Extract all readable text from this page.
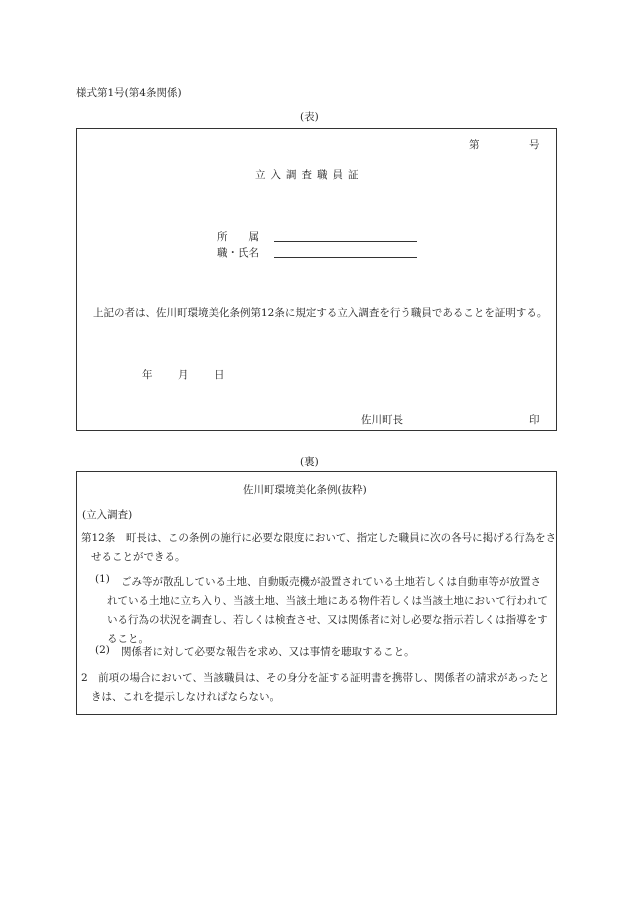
様式第1号(第4条関係)
(表)
第	号
立入調査職員証
所　　属
職・氏名
上記の者は、佐川町環境美化条例第12条に規定する立入調査を行う職員であることを証明する。
年 月 日
佐川町長	印
(裏)
佐川町環境美化条例(抜粋)
(立入調査)
第12条　町長は、この条例の施行に必要な限度において、指定した職員に次の各号に掲げる行為をさせることができる。
(1)	ごみ等が散乱している土地、自動販売機が設置されている土地若しくは自動車等が放置されている土地に立ち入り、当該土地、当該土地にある物件若しくは当該土地において行われている行為の状況を調査し、若しくは検査させ、又は関係者に対し必要な指示若しくは指導をすること。
(2) 関係者に対して必要な報告を求め、又は事情を聴取すること。
2　前項の場合において、当該職員は、その身分を証する証明書を携帯し、関係者の請求があったときは、これを提示しなければならない。
